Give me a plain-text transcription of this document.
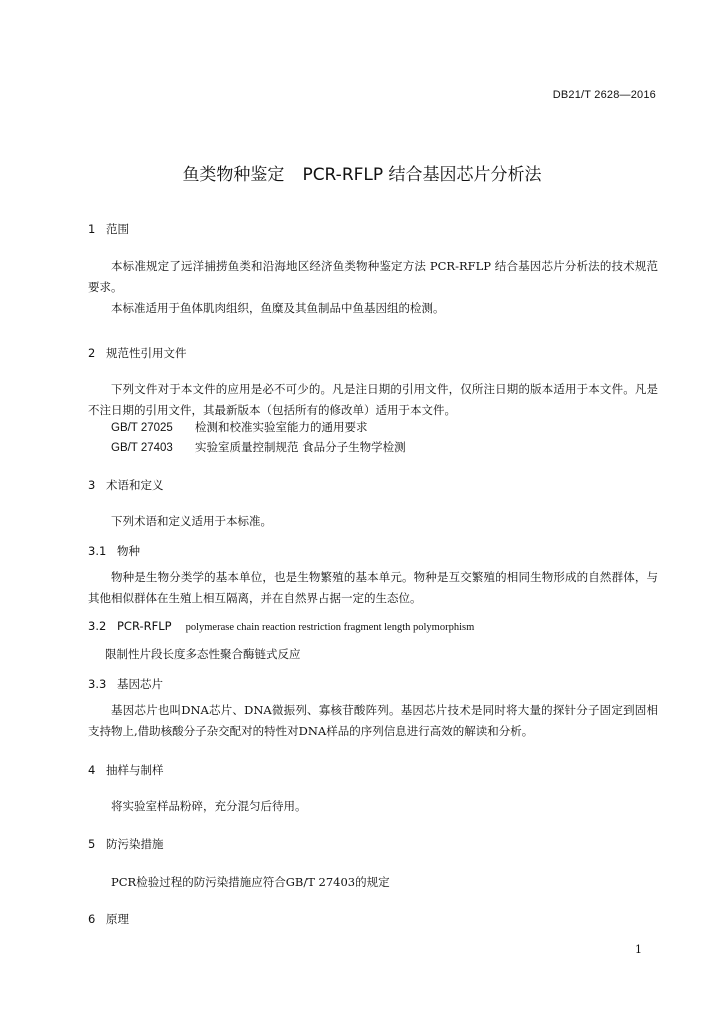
DB21/T 2628—2016
鱼类物种鉴定 PCR-RFLP 结合基因芯片分析法
1 范围
本标准规定了远洋捕捞鱼类和沿海地区经济鱼类物种鉴定方法 PCR-RFLP 结合基因芯片分析法的技术规范要求。
本标准适用于鱼体肌肉组织，鱼糜及其鱼制品中鱼基因组的检测。
2 规范性引用文件
下列文件对于本文件的应用是必不可少的。凡是注日期的引用文件，仅所注日期的版本适用于本文件。凡是不注日期的引用文件，其最新版本（包括所有的修改单）适用于本文件。
GB/T 27025 检测和校准实验室能力的通用要求
GB/T 27403 实验室质量控制规范 食品分子生物学检测
3 术语和定义
下列术语和定义适用于本标准。
3.1 物种
物种是生物分类学的基本单位，也是生物繁殖的基本单元。物种是互交繁殖的相同生物形成的自然群体，与其他相似群体在生殖上相互隔离，并在自然界占据一定的生态位。
3.2 PCR-RFLP polymerase chain reaction restriction fragment length polymorphism
限制性片段长度多态性聚合酶链式反应
3.3 基因芯片
基因芯片也叫DNA芯片、DNA微振列、寡核苷酸阵列。基因芯片技术是同时将大量的探针分子固定到固相支持物上,借助核酸分子杂交配对的特性对DNA样品的序列信息进行高效的解读和分析。
4 抽样与制样
将实验室样品粉碎，充分混匀后待用。
5 防污染措施
PCR检验过程的防污染措施应符合GB/T 27403的规定
6 原理
1
